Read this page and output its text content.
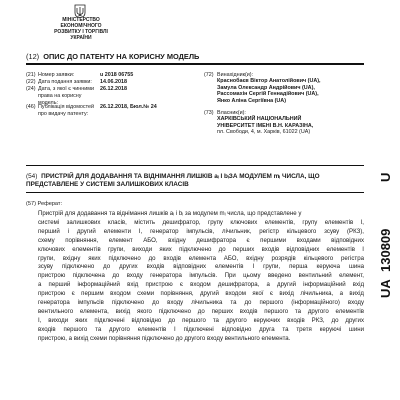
МІНІСТЕРСТВО
ЕКОНОМІЧНОГО
РОЗВИТКУ І ТОРГІВЛІ
УКРАЇНИ
(12) ОПИС ДО ПАТЕНТУ НА КОРИСНУ МОДЕЛЬ
(21) Номер заявки:	u 2018 06755
(22) Дата подання заявки:	14.06.2018
(24) Дата, з якої є чинними права на корисну модель:
26.12.2018
(46) Публікація відомостей про видачу патенту:
26.12.2018, Бюл.№ 24
(72) Винахідник(и):
Краснобаєв Віктор Анатолійович (UA),
Замула Олександр Андрійович (UA),
Рассомахін Сергій Геннадійович (UA),
Янко Аліна Сергіївна (UA)
(73) Власник(и):
ХАРКІВСЬКИЙ НАЦІОНАЛЬНИЙ
УНІВЕРСИТЕТ ІМЕНІ В.Н. КАРАЗІНА,
пл. Свободи, 4, м. Харків, 61022 (UA)
(54) ПРИСТРІЙ ДЛЯ ДОДАВАННЯ ТА ВІДНІМАННЯ ЛИШКІВ aᵢ І bᵢЗА МОДУЛЕМ mᵢ ЧИСЛА, ЩО
ПРЕДСТАВЛЕНЕ У СИСТЕМІ ЗАЛИШКОВИХ КЛАСІВ
(57) Реферат:
Пристрій для додавання та віднімання лишків aᵢ і bᵢ за модулем mᵢ числа, що представлене у
системі залишкових класів, містить дешифратор, групу ключових елементів, групу елементів І,
перший і другий елементи І, генератор імпульсів, лічильник, регістр кільцевого зсуву (РКЗ),
схему порівняння, елемент АБО, вхідну дешифратора є першими входами відповідних
ключових елементів групи, виходи яких підключено до перших входів відповідних елементів І
групи, вхідну яких підключено до входів елемента АБО, вхідну розрядів кільцевого регістра
зсуву підключено до других входів відповідних елементів І групи, перша керуюча шина
пристрою підключена до входу генератора імпульсів. При цьому введено вентильний елемент,
а перший інформаційний вхід пристрою є входом дешифратора, а другий інформаційний вхід
пристрою є першим входом схеми порівняння, другий входом якої є вихід лічильника, а вихід
генератора імпульсів підключено до входу лічильника та до першого (інформаційного) входу
вентильного елемента, вихід якого підключено до перших входів першого та другого елементів
І, виходи яких підключені відповідно до першого та другого керуючих входів РКЗ, до других
входів першого та другого елементів І підключені відповідно друга та третя керуючі шини
пристрою, а вихід схеми порівняння підключено до другого входу вентильного елемента.
UA
130809
U
